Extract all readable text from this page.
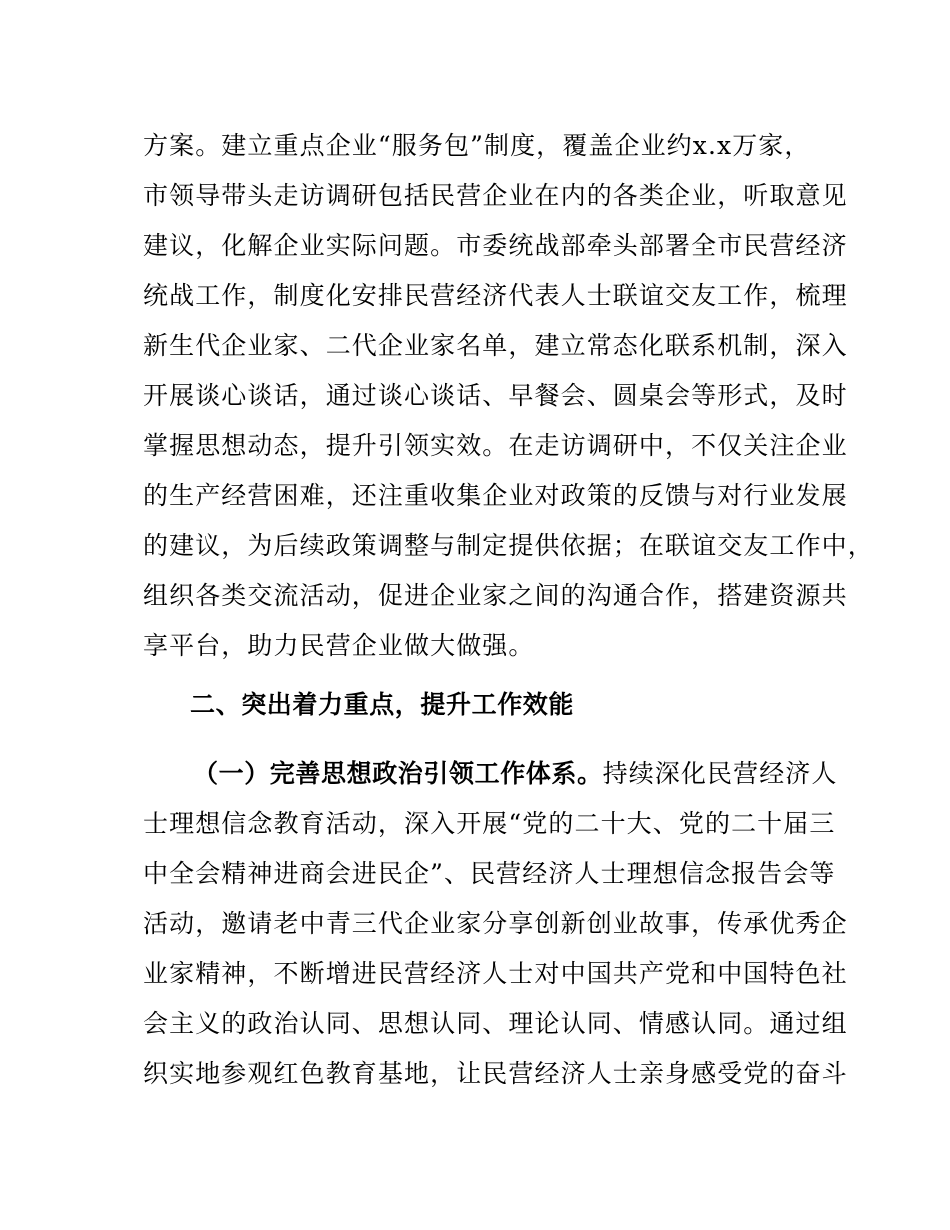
方案。建立重点企业“服务包”制度，覆盖企业约x.x万家，
市领导带头走访调研包括民营企业在内的各类企业，听取意见
建议，化解企业实际问题。市委统战部牵头部署全市民营经济
统战工作，制度化安排民营经济代表人士联谊交友工作，梳理
新生代企业家、二代企业家名单，建立常态化联系机制，深入
开展谈心谈话，通过谈心谈话、早餐会、圆桌会等形式，及时
掌握思想动态，提升引领实效。在走访调研中，不仅关注企业
的生产经营困难，还注重收集企业对政策的反馈与对行业发展
的建议，为后续政策调整与制定提供依据；在联谊交友工作中，
组织各类交流活动，促进企业家之间的沟通合作，搭建资源共
享平台，助力民营企业做大做强。
二、突出着力重点，提升工作效能
（一）完善思想政治引领工作体系。持续深化民营经济人
士理想信念教育活动，深入开展“党的二十大、党的二十届三
中全会精神进商会进民企”、民营经济人士理想信念报告会等
活动，邀请老中青三代企业家分享创新创业故事，传承优秀企
业家精神，不断增进民营经济人士对中国共产党和中国特色社
会主义的政治认同、思想认同、理论认同、情感认同。通过组
织实地参观红色教育基地，让民营经济人士亲身感受党的奋斗
